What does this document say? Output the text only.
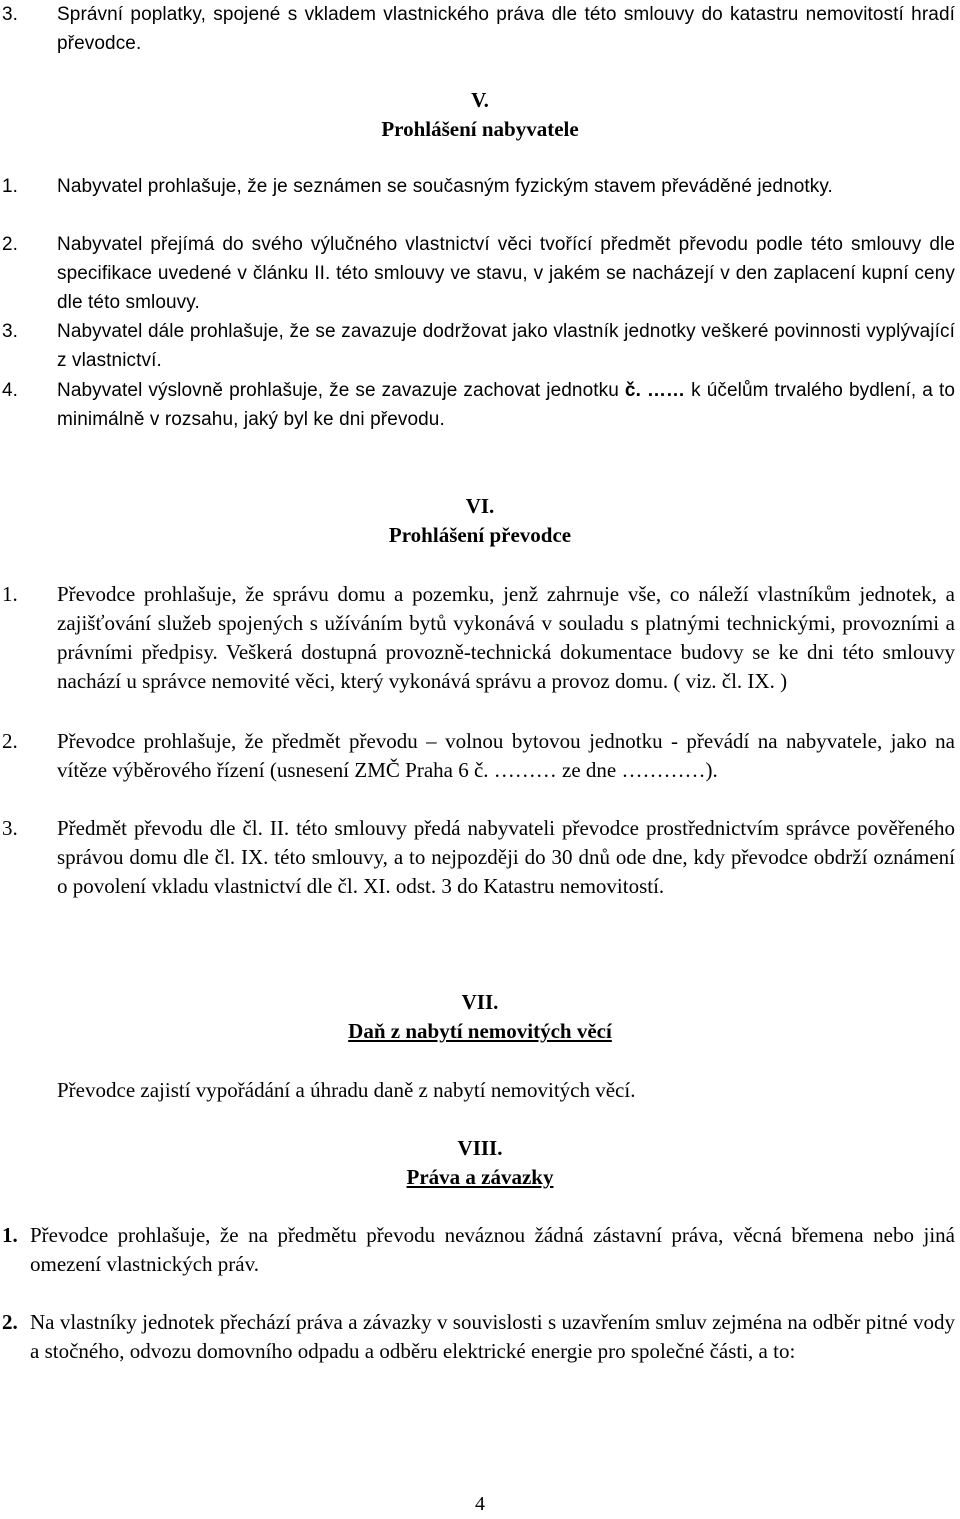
3.	Správní poplatky, spojené s vkladem vlastnického práva dle této smlouvy do katastru nemovitostí hradí převodce.
V.
Prohlášení nabyvatele
1.	Nabyvatel prohlašuje, že je seznámen se současným fyzickým stavem převáděné jednotky.
2.	Nabyvatel přejímá do svého výlučného vlastnictví věci tvořící předmět převodu podle této smlouvy dle specifikace uvedené v článku II. této smlouvy ve stavu, v jakém se nacházejí v den zaplacení kupní ceny dle této smlouvy.
3.	Nabyvatel dále prohlašuje, že se zavazuje dodržovat jako vlastník jednotky veškeré povinnosti vyplývající z vlastnictví.
4.	Nabyvatel výslovně prohlašuje, že se zavazuje zachovat jednotku č. …… k účelům trvalého bydlení, a to minimálně v rozsahu, jaký byl ke dni převodu.
VI.
Prohlášení převodce
1.	Převodce prohlašuje, že správu domu a pozemku, jenž zahrnuje vše, co náleží vlastníkům jednotek, a zajišťování služeb spojených s užíváním bytů vykonává v souladu s platnými technickými, provozními a právními předpisy. Veškerá dostupná provozně-technická dokumentace budovy se ke dni této smlouvy nachází u správce nemovité věci, který vykonává správu a provoz domu. ( viz. čl. IX. )
2.	Převodce prohlašuje, že předmět převodu – volnou bytovou jednotku - převádí na nabyvatele, jako na vítěze výběrového řízení (usnesení ZMČ Praha 6 č. ……… ze dne …………).
3.	Předmět převodu dle čl. II. této smlouvy předá nabyvateli převodce prostřednictvím správce pověřeného správou domu dle čl. IX. této smlouvy, a to nejpozději do 30 dnů ode dne, kdy převodce obdrží oznámení o povolení vkladu vlastnictví dle čl. XI. odst. 3 do Katastru nemovitostí.
VII.
Daň z nabytí nemovitých věcí
Převodce zajistí vypořádání a úhradu daně z nabytí nemovitých věcí.
VIII.
Práva a závazky
1. Převodce prohlašuje, že na předmětu převodu neváznou žádná zástavní práva, věcná břemena nebo jiná omezení vlastnických práv.
2. Na vlastníky jednotek přechází práva a závazky v souvislosti s uzavřením smluv zejména na odběr pitné vody a stočného, odvozu domovního odpadu a odběru elektrické energie pro společné části, a to:
4
